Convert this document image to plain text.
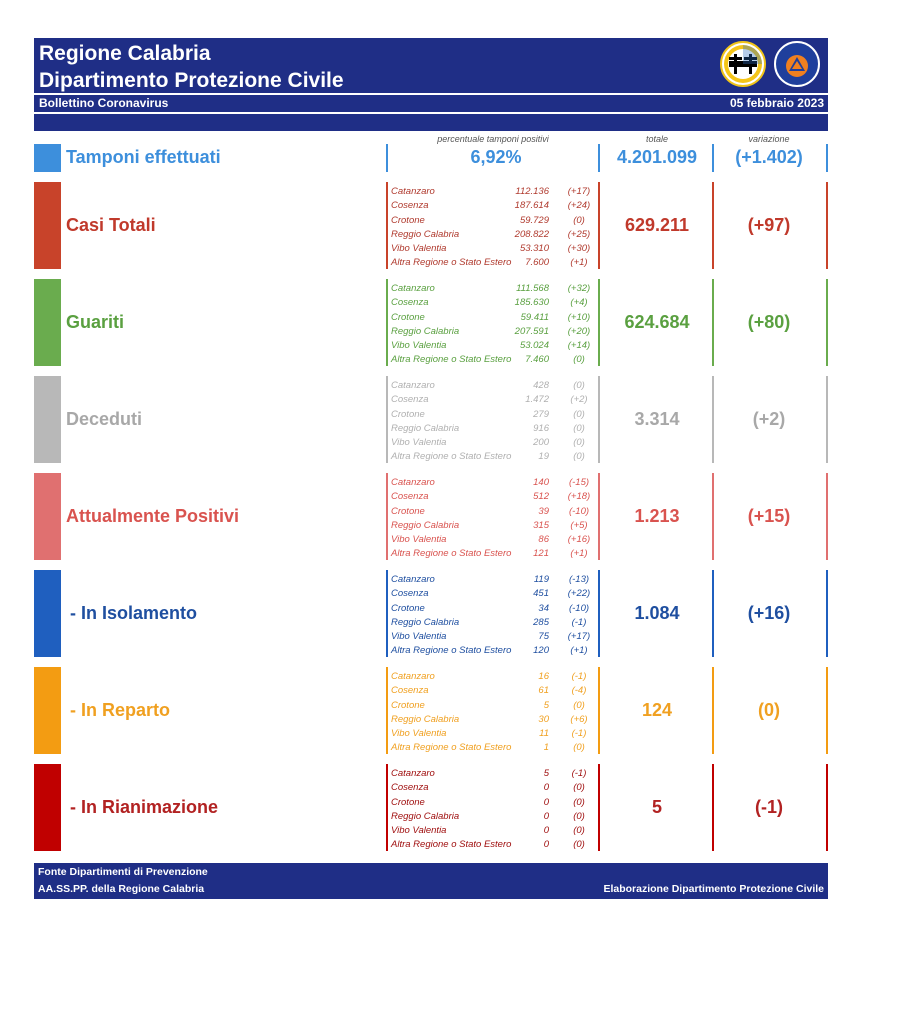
Regione Calabria
Dipartimento Protezione Civile
Bollettino Coronavirus	05 febbraio 2023
percentuale tamponi positivi	totale	variazione
Tamponi effettuati	6,92%	4.201.099	(+1.402)
Casi Totali
Catanzaro	112.136	(+17)
Cosenza	187.614	(+24)
Crotone	59.729	(0)
Reggio Calabria	208.822	(+25)
Vibo Valentia	53.310	(+30)
Altra Regione o Stato Estero 7.600	(+1)
629.211	(+97)
Guariti
Catanzaro	111.568	(+32)
Cosenza	185.630	(+4)
Crotone	59.411	(+10)
Reggio Calabria	207.591	(+20)
Vibo Valentia	53.024	(+14)
Altra Regione o Stato Estero 7.460	(0)
624.684	(+80)
Deceduti
Catanzaro	428	(0)
Cosenza	1.472	(+2)
Crotone	279	(0)
Reggio Calabria	916	(0)
Vibo Valentia	200	(0)
Altra Regione o Stato Estero	19	(0)
3.314	(+2)
Attualmente Positivi
Catanzaro	140	(-15)
Cosenza	512	(+18)
Crotone	39	(-10)
Reggio Calabria	315	(+5)
Vibo Valentia	86	(+16)
Altra Regione o Stato Estero 121	(+1)
1.213	(+15)
- In Isolamento
Catanzaro	119	(-13)
Cosenza	451	(+22)
Crotone	34	(-10)
Reggio Calabria	285	(-1)
Vibo Valentia	75	(+17)
Altra Regione o Stato Estero 120	(+1)
1.084	(+16)
- In Reparto
Catanzaro	16	(-1)
Cosenza	61	(-4)
Crotone	5	(0)
Reggio Calabria	30	(+6)
Vibo Valentia	11	(-1)
Altra Regione o Stato Estero	1	(0)
124	(0)
- In Rianimazione
Catanzaro	5	(-1)
Cosenza	0	(0)
Crotone	0	(0)
Reggio Calabria	0	(0)
Vibo Valentia	0	(0)
Altra Regione o Stato Estero	0	(0)
5	(-1)
Fonte Dipartimenti di Prevenzione
AA.SS.PP. della Regione Calabria	Elaborazione Dipartimento Protezione Civile
